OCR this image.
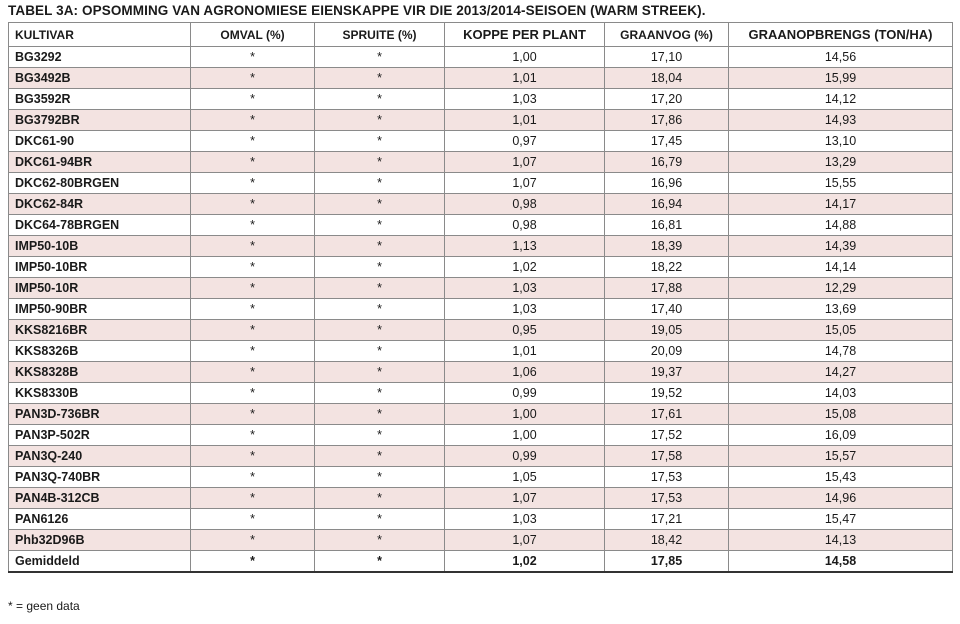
TABEL 3A: OPSOMMING VAN AGRONOMIESE EIENSKAPPE VIR DIE 2013/2014-SEISOEN (WARM STREEK).
KULTIVAR	OMVAL (%)	SPRUITE (%)	KOPPE PER PLANT	GRAANVOG (%)	GRAANOPBRENGS (TON/HA)
BG3292	*	*	1,00	17,10	14,56
BG3492B	*	*	1,01	18,04	15,99
BG3592R	*	*	1,03	17,20	14,12
BG3792BR	*	*	1,01	17,86	14,93
DKC61-90	*	*	0,97	17,45	13,10
DKC61-94BR	*	*	1,07	16,79	13,29
DKC62-80BRGEN	*	*	1,07	16,96	15,55
DKC62-84R	*	*	0,98	16,94	14,17
DKC64-78BRGEN	*	*	0,98	16,81	14,88
IMP50-10B	*	*	1,13	18,39	14,39
IMP50-10BR	*	*	1,02	18,22	14,14
IMP50-10R	*	*	1,03	17,88	12,29
IMP50-90BR	*	*	1,03	17,40	13,69
KKS8216BR	*	*	0,95	19,05	15,05
KKS8326B	*	*	1,01	20,09	14,78
KKS8328B	*	*	1,06	19,37	14,27
KKS8330B	*	*	0,99	19,52	14,03
PAN3D-736BR	*	*	1,00	17,61	15,08
PAN3P-502R	*	*	1,00	17,52	16,09
PAN3Q-240	*	*	0,99	17,58	15,57
PAN3Q-740BR	*	*	1,05	17,53	15,43
PAN4B-312CB	*	*	1,07	17,53	14,96
PAN6126	*	*	1,03	17,21	15,47
Phb32D96B	*	*	1,07	18,42	14,13
Gemiddeld	*	*	1,02	17,85	14,58
* = geen data
